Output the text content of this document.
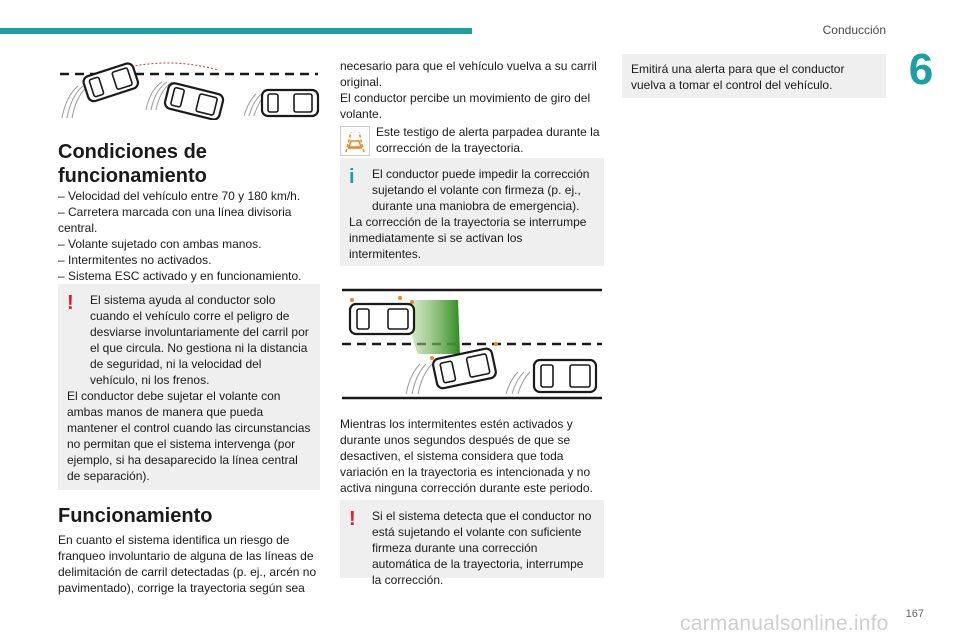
Conducción
6
Condiciones de funcionamiento
– Velocidad del vehículo entre 70 y 180 km/h.
– Carretera marcada con una línea divisoria central.
– Volante sujetado con ambas manos.
– Intermitentes no activados.
– Sistema ESC activado y en funcionamiento.
!	El sistema ayuda al conductor solo cuando el vehículo corre el peligro de desviarse involuntariamente del carril por el que circula. No gestiona ni la distancia de seguridad, ni la velocidad del vehículo, ni los frenos.
El conductor debe sujetar el volante con ambas manos de manera que pueda mantener el control cuando las circunstancias no permitan que el sistema intervenga (por ejemplo, si ha desaparecido la línea central de separación).
Funcionamiento
En cuanto el sistema identifica un riesgo de franqueo involuntario de alguna de las líneas de delimitación de carril detectadas (p. ej., arcén no pavimentado), corrige la trayectoria según sea
necesario para que el vehículo vuelva a su carril original.
El conductor percibe un movimiento de giro del volante.
Este testigo de alerta parpadea durante la corrección de la trayectoria.
i	El conductor puede impedir la corrección sujetando el volante con firmeza (p. ej., durante una maniobra de emergencia).
La corrección de la trayectoria se interrumpe inmediatamente si se activan los intermitentes.
Mientras los intermitentes estén activados y durante unos segundos después de que se desactiven, el sistema considera que toda variación en la trayectoria es intencionada y no activa ninguna corrección durante este periodo.
!	Si el sistema detecta que el conductor no está sujetando el volante con suficiente firmeza durante una corrección automática de la trayectoria, interrumpe la corrección.
Emitirá una alerta para que el conductor vuelva a tomar el control del vehículo.
167
carmanualsonline.info
